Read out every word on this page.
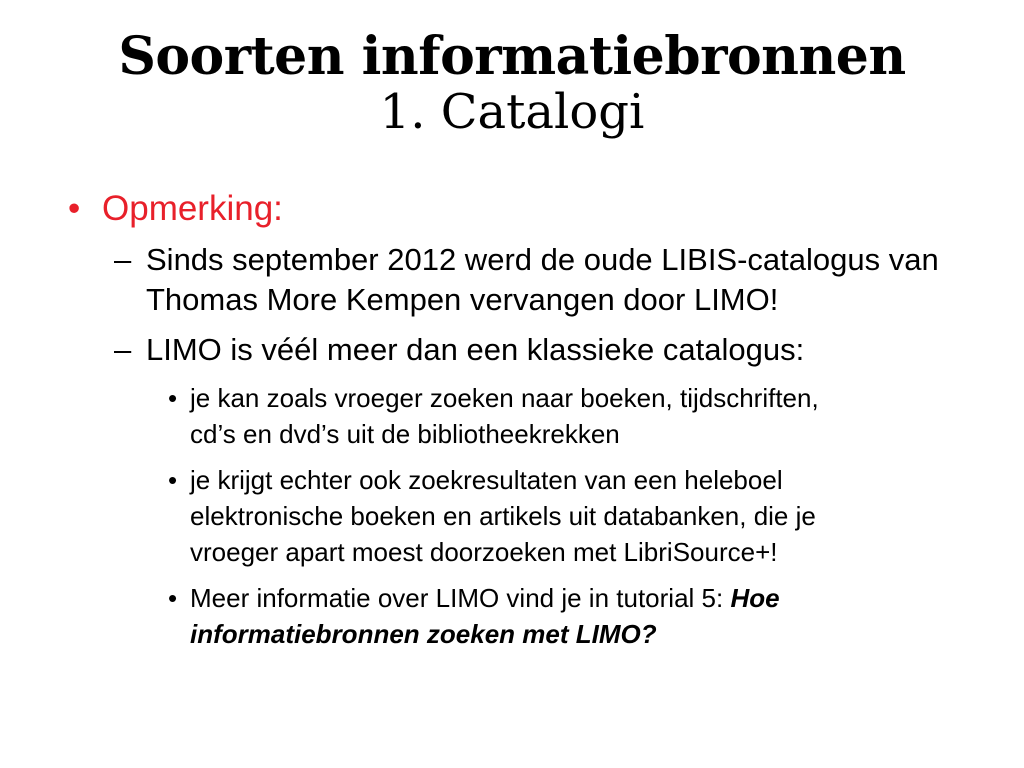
Soorten informatiebronnen
1. Catalogi
• Opmerking:
– Sinds september 2012 werd de oude LIBIS-catalogus van Thomas More Kempen vervangen door LIMO!
– LIMO is véél meer dan een klassieke catalogus:
• je kan zoals vroeger zoeken naar boeken, tijdschriften, cd’s en dvd’s uit de bibliotheekrekken
• je krijgt echter ook zoekresultaten van een heleboel elektronische boeken en artikels uit databanken, die je vroeger apart moest doorzoeken met LibriSource+!
• Meer informatie over LIMO vind je in tutorial 5: Hoe informatiebronnen zoeken met LIMO?
